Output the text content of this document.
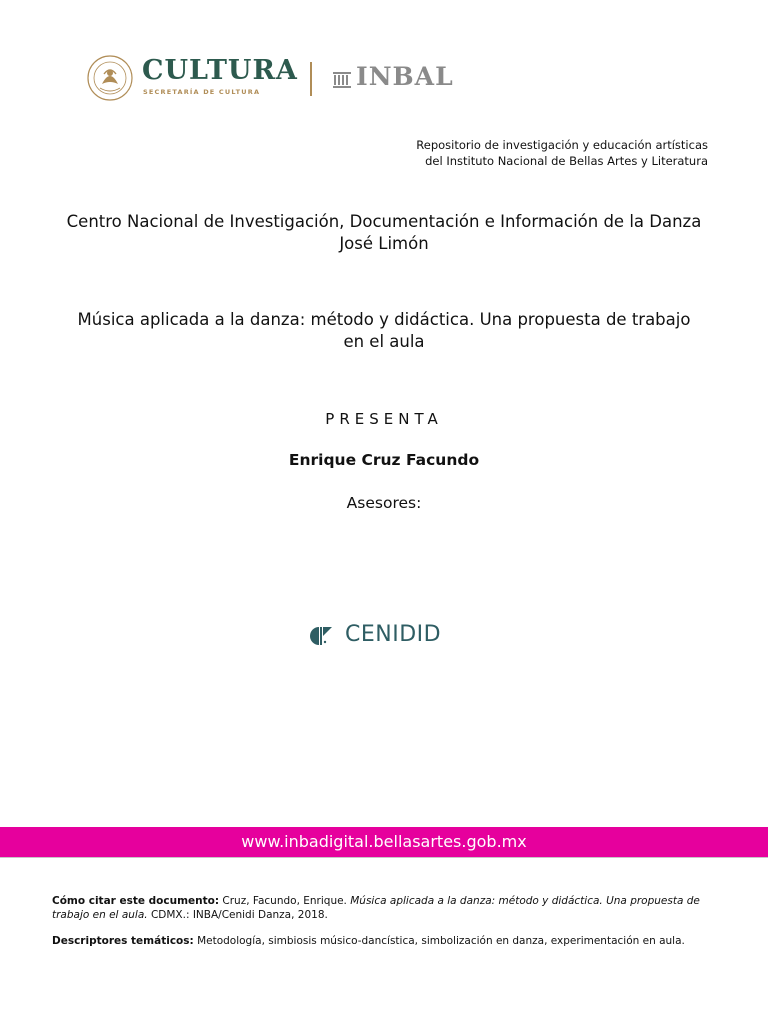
CULTURA
SECRETARÍA DE CULTURA
INBAL
Repositorio de investigación y educación artísticas
del Instituto Nacional de Bellas Artes y Literatura
Centro Nacional de Investigación, Documentación e Información de la Danza José Limón
Música aplicada a la danza: método y didáctica. Una propuesta de trabajo en el aula
PRESENTA
Enrique Cruz Facundo
Asesores:
CENIDID
www.inbadigital.bellasartes.gob.mx
Cómo citar este documento: Cruz, Facundo, Enrique. Música aplicada a la danza: método y didáctica. Una propuesta de trabajo en el aula. CDMX.: INBA/Cenidi Danza, 2018.
Descriptores temáticos: Metodología, simbiosis músico-dancística, simbolización en danza, experimentación en aula.
